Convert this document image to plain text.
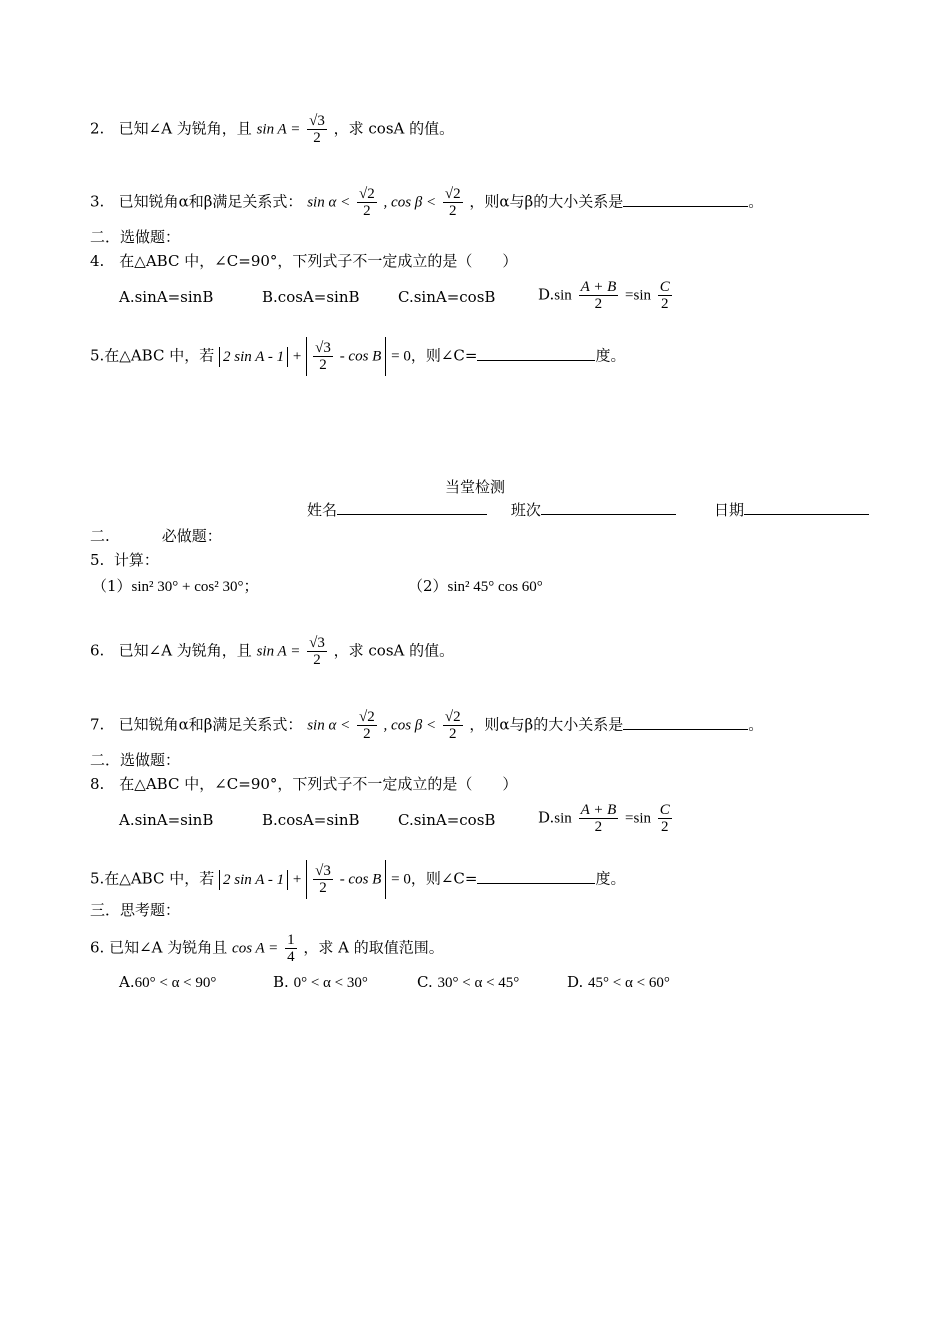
2. 已知∠A 为锐角，且 $\sin A = \frac{√3}{2}$ ，求 cosA 的值。
3. 已知锐角α和β满足关系式： $\sin \alpha < \frac{√2}{2}$ , $\cos \beta < \frac{√2}{2}$ ，则α与β的大小关系是	。
二．选做题：
4.　在△ABC 中，∠C=90°，下列式子不一定成立的是（　　）
A.sinA=sinB	B.cosA=sinB	C.sinA=cosB	$D.\sin \frac{A + B}{2} =\sin \frac{C}{2}$
5.在△ABC 中，若 2 $\sin A - 1 + \frac{√3}{2} - \cos B = 0$，则∠C=	度。
当堂检测
姓名	班次	日期
二.	必做题：
5. 计算：
（1）sin² 30° + cos² 30°；	（2）sin² 45° cos 60°
6. 已知∠A 为锐角，且 $\sin A = \frac{√3}{2}$ ，求 cosA 的值。
7. 已知锐角α和β满足关系式： $\sin \alpha < \frac{√2}{2}$ , $\cos \beta < \frac{√2}{2}$ ，则α与β的大小关系是	。
二．选做题：
8.　在△ABC 中，∠C=90°，下列式子不一定成立的是（　　）
A.sinA=sinB	B.cosA=sinB	C.sinA=cosB	$D.\sin \frac{A + B}{2} =\sin \frac{C}{2}$
5.在△ABC 中，若 2 $\sin A - 1 + \frac{√3}{2} - \cos B = 0$，则∠C=	度。
三．思考题：
6. 已知∠A 为锐角且 $\cos A = \frac{1}{4}$ ，求 A 的取值范围。
A.60° < α < 90°	B. 0° < α < 30°	C. 30° < α < 45°	D. 45° < α < 60°
